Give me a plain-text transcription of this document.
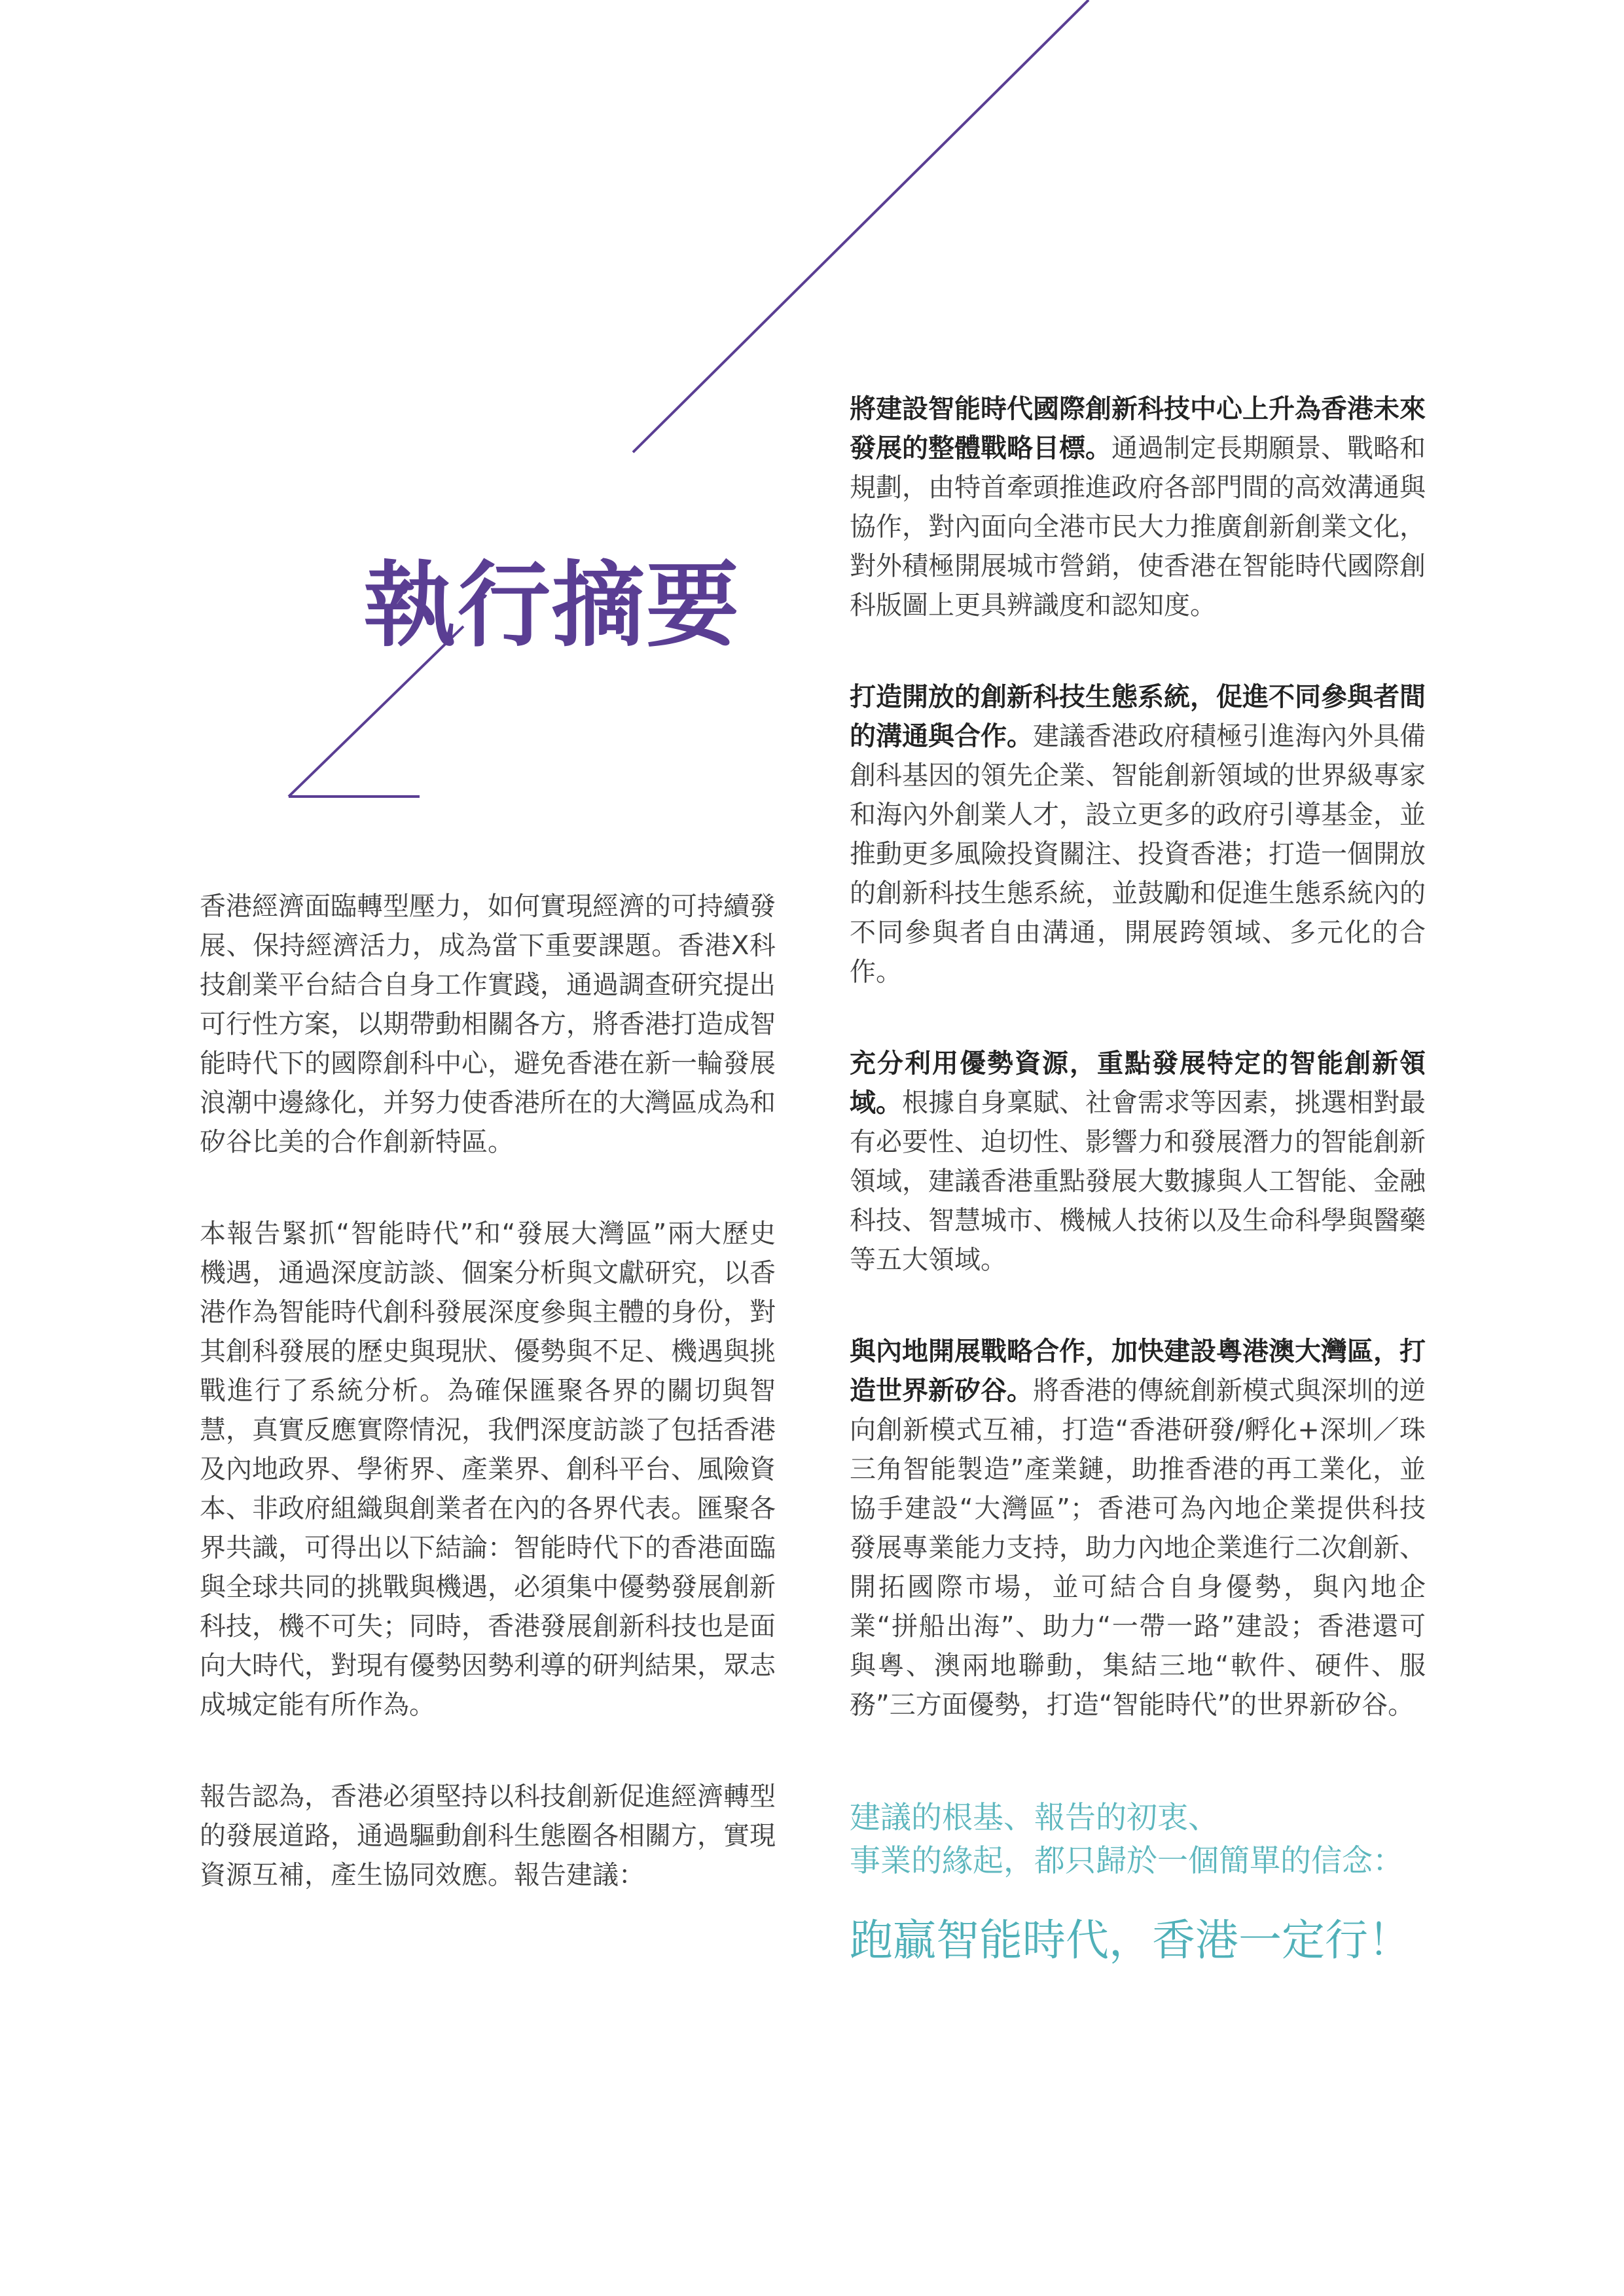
執行摘要

香港經濟面臨轉型壓力，如何實現經濟的可持續發展、保持經濟活力，成為當下重要課題。香港X科技創業平台結合自身工作實踐，通過調查研究提出可行性方案，以期帶動相關各方，將香港打造成智能時代下的國際創科中心，避免香港在新一輪發展浪潮中邊緣化，并努力使香港所在的大灣區成為和矽谷比美的合作創新特區。

本報告緊抓“智能時代”和“發展大灣區”兩大歷史機遇，通過深度訪談、個案分析與文獻研究，以香港作為智能時代創科發展深度參與主體的身份，對其創科發展的歷史與現狀、優勢與不足、機遇與挑戰進行了系統分析。為確保匯聚各界的關切與智慧，真實反應實際情況，我們深度訪談了包括香港及內地政界、學術界、產業界、創科平台、風險資本、非政府組織與創業者在內的各界代表。匯聚各界共識，可得出以下結論：智能時代下的香港面臨與全球共同的挑戰與機遇，必須集中優勢發展創新科技，機不可失；同時，香港發展創新科技也是面向大時代，對現有優勢因勢利導的研判結果，眾志成城定能有所作為。

報告認為，香港必須堅持以科技創新促進經濟轉型的發展道路，通過驅動創科生態圈各相關方，實現資源互補，產生協同效應。報告建議：

將建設智能時代國際創新科技中心上升為香港未來發展的整體戰略目標。通過制定長期願景、戰略和規劃，由特首牽頭推進政府各部門間的高效溝通與協作，對內面向全港市民大力推廣創新創業文化，對外積極開展城市營銷，使香港在智能時代國際創科版圖上更具辨識度和認知度。

打造開放的創新科技生態系統，促進不同參與者間的溝通與合作。建議香港政府積極引進海內外具備創科基因的領先企業、智能創新領域的世界級專家和海內外創業人才，設立更多的政府引導基金，並推動更多風險投資關注、投資香港；打造一個開放的創新科技生態系統，並鼓勵和促進生態系統內的不同參與者自由溝通，開展跨領域、多元化的合作。

充分利用優勢資源，重點發展特定的智能創新領域。根據自身稟賦、社會需求等因素，挑選相對最有必要性、迫切性、影響力和發展潛力的智能創新領域，建議香港重點發展大數據與人工智能、金融科技、智慧城市、機械人技術以及生命科學與醫藥等五大領域。

與內地開展戰略合作，加快建設粵港澳大灣區，打造世界新矽谷。將香港的傳統創新模式與深圳的逆向創新模式互補，打造“香港研發/孵化+深圳／珠三角智能製造”產業鏈，助推香港的再工業化，並協手建設“大灣區”；香港可為內地企業提供科技發展專業能力支持，助力內地企業進行二次創新、開拓國際市場，並可結合自身優勢，與內地企業“拼船出海”、助力“一帶一路”建設；香港還可與粵、澳兩地聯動，集結三地“軟件、硬件、服務”三方面優勢，打造“智能時代”的世界新矽谷。

建議的根基、報告的初衷、
事業的緣起，都只歸於一個簡單的信念：
跑贏智能時代，香港一定行！
